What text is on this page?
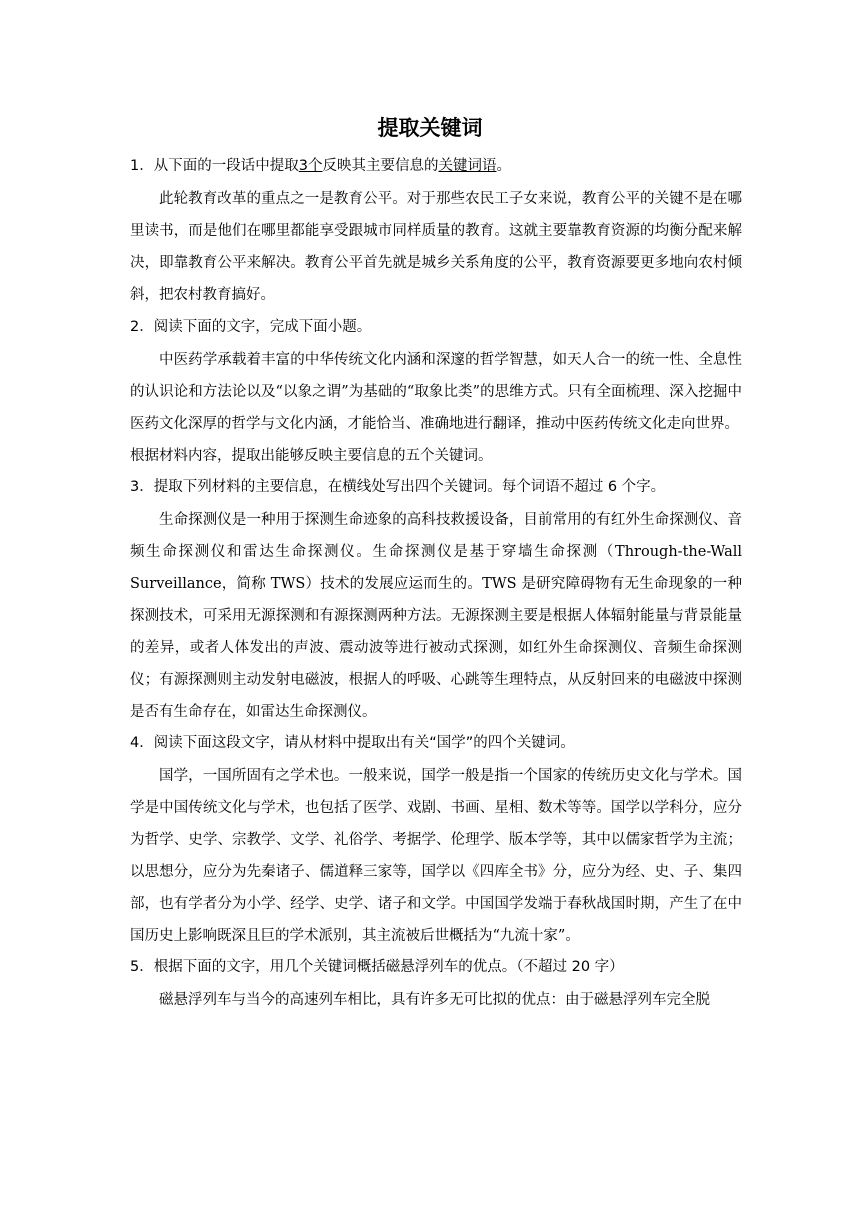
提取关键词
1．从下面的一段话中提取3个反映其主要信息的关键词语。

此轮教育改革的重点之一是教育公平。对于那些农民工子女来说，教育公平的关键不是在哪里读书，而是他们在哪里都能享受跟城市同样质量的教育。这就主要靠教育资源的均衡分配来解决，即靠教育公平来解决。教育公平首先就是城乡关系角度的公平，教育资源要更多地向农村倾斜，把农村教育搞好。

2．阅读下面的文字，完成下面小题。

中医药学承载着丰富的中华传统文化内涵和深邃的哲学智慧，如天人合一的统一性、全息性的认识论和方法论以及“以象之谓”为基础的“取象比类”的思维方式。只有全面梳理、深入挖掘中医药文化深厚的哲学与文化内涵，才能恰当、准确地进行翻译，推动中医药传统文化走向世界。

根据材料内容，提取出能够反映主要信息的五个关键词。
3．提取下列材料的主要信息，在横线处写出四个关键词。每个词语不超过 6 个字。

生命探测仪是一种用于探测生命迹象的高科技救援设备，目前常用的有红外生命探测仪、音频生命探测仪和雷达生命探测仪。生命探测仪是基于穿墙生命探测（Through-the-Wall Surveillance，简称 TWS）技术的发展应运而生的。TWS 是研究障碍物有无生命现象的一种探测技术，可采用无源探测和有源探测两种方法。无源探测主要是根据人体辐射能量与背景能量的差异，或者人体发出的声波、震动波等进行被动式探测，如红外生命探测仪、音频生命探测仪；有源探测则主动发射电磁波，根据人的呼吸、心跳等生理特点，从反射回来的电磁波中探测是否有生命存在，如雷达生命探测仪。

4．阅读下面这段文字，请从材料中提取出有关“国学”的四个关键词。

国学，一国所固有之学术也。一般来说，国学一般是指一个国家的传统历史文化与学术。国学是中国传统文化与学术，也包括了医学、戏剧、书画、星相、数术等等。国学以学科分，应分为哲学、史学、宗教学、文学、礼俗学、考据学、伦理学、版本学等，其中以儒家哲学为主流；以思想分，应分为先秦诸子、儒道释三家等，国学以《四库全书》分，应分为经、史、子、集四部，也有学者分为小学、经学、史学、诸子和文学。中国国学发端于春秋战国时期，产生了在中国历史上影响既深且巨的学术派别，其主流被后世概括为“九流十家”。

5．根据下面的文字，用几个关键词概括磁悬浮列车的优点。（不超过 20 字）

磁悬浮列车与当今的高速列车相比，具有许多无可比拟的优点：由于磁悬浮列车完全脱
